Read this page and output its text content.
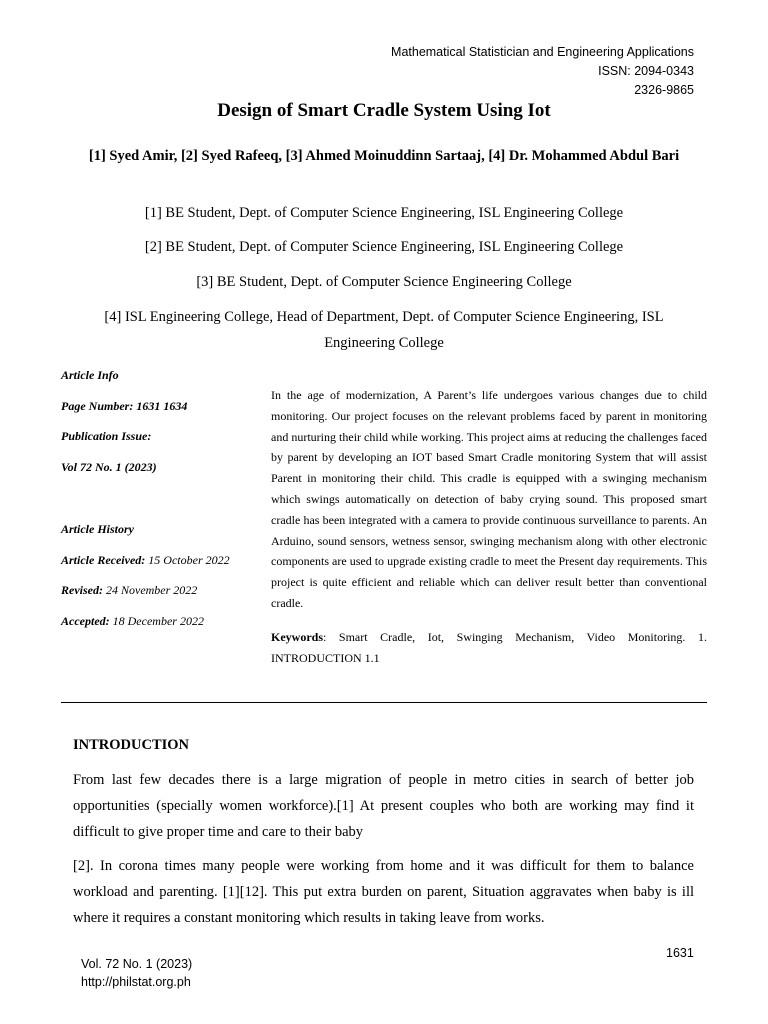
Mathematical Statistician and Engineering Applications
ISSN: 2094-0343
2326-9865
Design of Smart Cradle System Using Iot
[1] Syed Amir, [2] Syed Rafeeq, [3] Ahmed Moinuddinn Sartaaj, [4] Dr. Mohammed Abdul Bari
[1] BE Student, Dept. of Computer Science Engineering, ISL Engineering College
[2] BE Student, Dept. of Computer Science Engineering, ISL Engineering College
[3] BE Student, Dept. of Computer Science Engineering College
[4] ISL Engineering College, Head of Department, Dept. of Computer Science Engineering, ISL Engineering College
Article Info
Page Number: 1631 1634
Publication Issue:
Vol 72 No. 1 (2023)
Article History
Article Received: 15 October 2022
Revised: 24 November 2022
Accepted: 18 December 2022
In the age of modernization, A Parent’s life undergoes various changes due to child monitoring. Our project focuses on the relevant problems faced by parent in monitoring and nurturing their child while working. This project aims at reducing the challenges faced by parent by developing an IOT based Smart Cradle monitoring System that will assist Parent in monitoring their child. This cradle is equipped with a swinging mechanism which swings automatically on detection of baby crying sound. This proposed smart cradle has been integrated with a camera to provide continuous surveillance to parents. An Arduino, sound sensors, wetness sensor, swinging mechanism along with other electronic components are used to upgrade existing cradle to meet the Present day requirements. This project is quite efficient and reliable which can deliver result better than conventional cradle.
Keywords: Smart Cradle, Iot, Swinging Mechanism, Video Monitoring. 1. INTRODUCTION 1.1
INTRODUCTION
From last few decades there is a large migration of people in metro cities in search of better job opportunities (specially women workforce).[1] At present couples who both are working may find it difficult to give proper time and care to their baby
[2]. In corona times many people were working from home and it was difficult for them to balance workload and parenting. [1][12]. This put extra burden on parent, Situation aggravates when baby is ill where it requires a constant monitoring which results in taking leave from works.
1631
Vol. 72 No. 1 (2023)
http://philstat.org.ph
